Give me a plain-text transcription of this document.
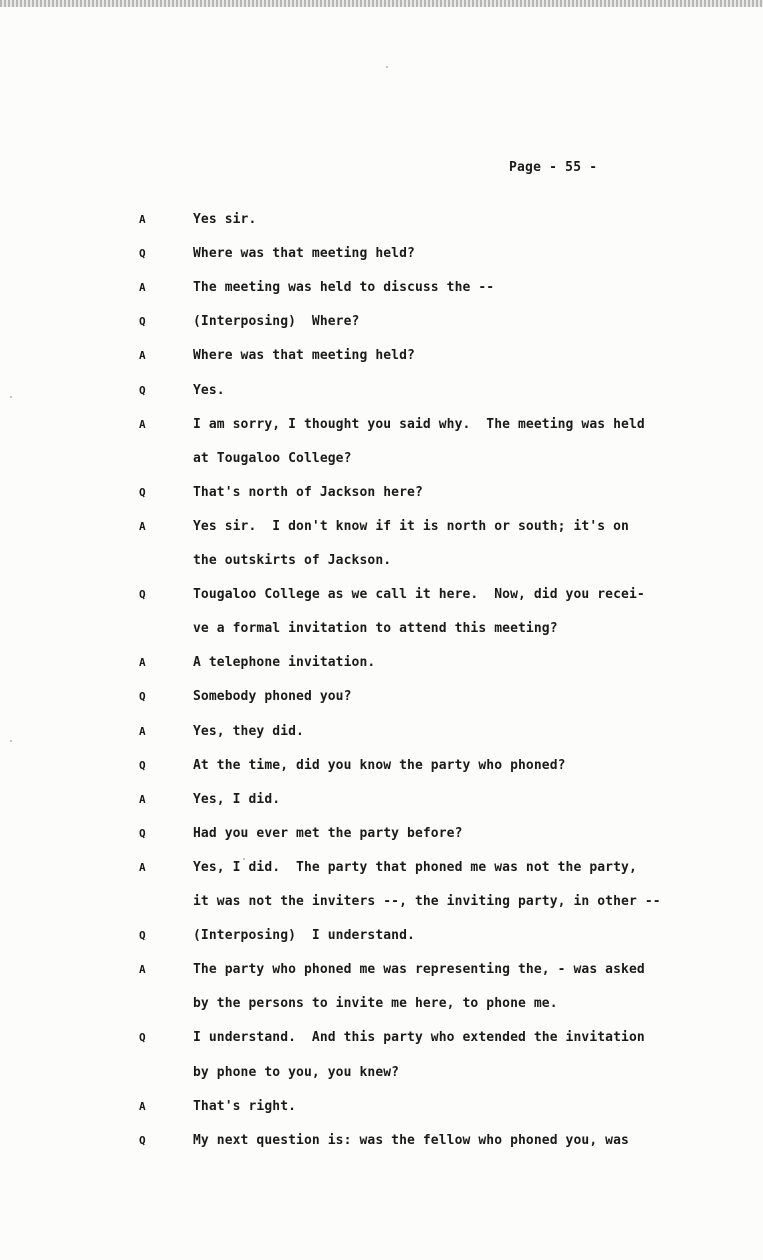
Page - 55 -
A	Yes sir.
Q	Where was that meeting held?
A	The meeting was held to discuss the --
Q	(Interposing)  Where?
A	Where was that meeting held?
Q	Yes.
A	I am sorry, I thought you said why.  The meeting was held
at Tougaloo College?
Q	That's north of Jackson here?
A	Yes sir.  I don't know if it is north or south; it's on
the outskirts of Jackson.
Q	Tougaloo College as we call it here.  Now, did you recei-
ve a formal invitation to attend this meeting?
A	A telephone invitation.
Q	Somebody phoned you?
A	Yes, they did.
Q	At the time, did you know the party who phoned?
A	Yes, I did.
Q	Had you ever met the party before?
A	Yes, I did.  The party that phoned me was not the party,
it was not the inviters --, the inviting party, in other --
Q	(Interposing)  I understand.
A	The party who phoned me was representing the, - was asked
by the persons to invite me here, to phone me.
Q	I understand.  And this party who extended the invitation
by phone to you, you knew?
A	That's right.
Q	My next question is: was the fellow who phoned you, was
